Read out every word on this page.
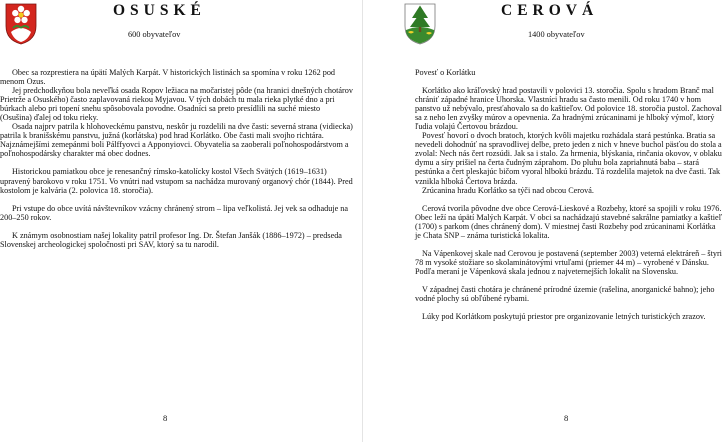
OSUSKÉ
600 obyvateľov

Obec sa rozprestiera na úpätí Malých Karpát. V historických listinách sa spomína v roku 1262 pod menom Ozus.

Jej predchodkyňou bola neveľká osada Ropov ležiaca na močaristej pôde (na hranici dnešných chotárov Prietrže a Osuského) často zaplavovaná riekou Myjavou. V tých dobách tu mala rieka plytké dno a pri búrkach alebo pri topení snehu spôsobovala povodne. Osadníci sa preto presídlili na suché miesto (Osušina) ďalej od toku rieky.

Osada najprv patrila k hlohoveckému panstvu, neskôr ju rozdelili na dve časti: severná strana (vidiecka) patrila k branišskému panstvu, južná (korlátska) pod hrad Korlátko. Obe časti mali svojho richtára. Najznámejšími zemepánmi boli Pálffyovci a Apponyiovci. Obyvatelia sa zaoberali poľnohospodárstvom a poľnohospodársky charakter má obec dodnes.

Historickou pamiatkou obce je renesančný rímsko-katolícky kostol Všech Svätých (1619–1631) upravený barokovo v roku 1751. Vo vnútri nad vstupom sa nachádza murovaný organový chór (1844). Pred kostolom je kalvária (2. polovica 18. storočia).

Pri vstupe do obce uvítá návštevníkov vzácny chránený strom – lipa veľkolistá. Jej vek sa odhaduje na 200–250 rokov.

K známym osobnostiam našej lokality patril profesor Ing. Dr. Štefan Janšák (1886–1972) – predseda Slovenskej archeologickej spoločnosti pri SAV, ktorý sa tu narodil.

8
CEROVÁ
1400 obyvateľov

Povesť o Korlátku

Korlátko ako kráľovský hrad postavili v polovici 13. storočia. Spolu s hradom Branč mal chrániť západné hranice Uhorska. Vlastníci hradu sa často menili. Od roku 1740 v hom panstvo už nebývalo, presťahovalo sa do kaštieľov. Od polovice 18. storočia pustol. Zachoval sa z neho len zvyšky múrov a opevnenia. Za hradnými zrúcaninami je hlboký výmoľ, ktorý ľudia volajú Čertovou brázdou.

Povesť hovorí o dvoch bratoch, ktorých kvôli majetku rozhádala stará pestúnka. Bratia sa nevedeli dohodnúť na spravodlivej delbe, preto jeden z nich v hneve buchol päsťou do stola a zvolal: Nech nás čert rozsúdi. Jak sa i stalo. Za hrmenia, blýskania, rinčania okovov, v oblaku dymu a síry prišiel na čerta čudným záprahom. Do pluhu bola zapriahnutá baba – stará pestúnka a čert pleskajúc bičom vyoral hlbokú brázdu. Tá rozdelila majetok na dve časti. Tak vznikla hlboká Čertova brázda.

Zrúcanina hradu Korlátko sa týči nad obcou Cerová.

Cerová tvorila pôvodne dve obce Cerová-Lieskové a Rozbehy, ktoré sa spojili v roku 1976. Obec leží na úpätí Malých Karpát. V obci sa nachádzajú stavebné sakrálne pamiatky a kaštieľ (1700) s parkom (dnes chránený dom). V miestnej časti Rozbehy pod zrúcaninami Korlátka je Chata SNP – známa turistická lokalita.

Na Vápenkovej skale nad Cerovou je postavená (september 2003) veterná elektráreň – štyri 78 m vysoké stožiare so skolaminátovými vrtuľami (priemer 44 m) – vyrobené v Dánsku. Podľa meraní je Vápenková skala jednou z najveternejších lokalít na Slovensku.

V západnej časti chotára je chránené prírodné územie (rašelina, anorganické bahno); jeho vodné plochy sú obľúbené rybami.

Lúky pod Korlátkom poskytujú priestor pre organizovanie letných turistických zrazov.

8
